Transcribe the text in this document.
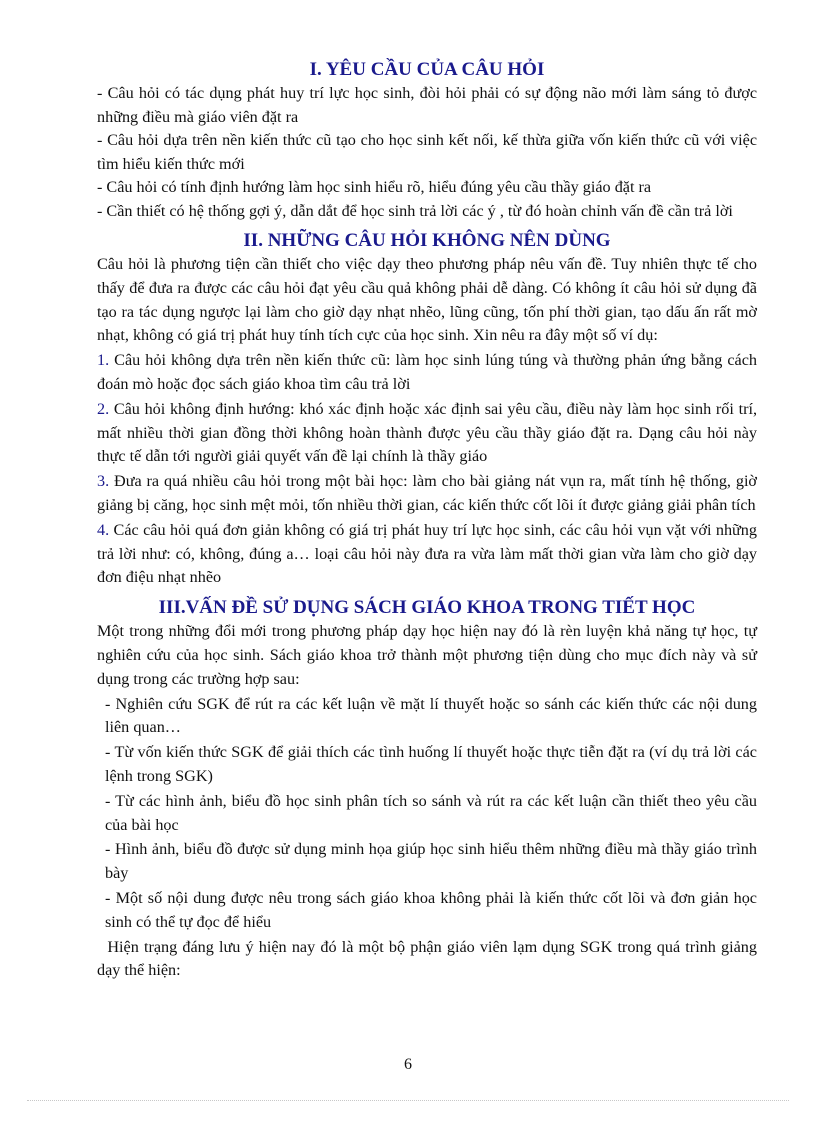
I. YÊU CẦU CỦA CÂU HỎI

- Câu hỏi có tác dụng phát huy trí lực học sinh, đòi hỏi phải có sự động não mới làm sáng tỏ được những điều mà giáo viên đặt ra

- Câu hỏi dựa trên nền kiến thức cũ tạo cho học sinh kết nối, kế thừa giữa vốn kiến thức cũ với việc tìm hiểu kiến thức mới

- Câu hỏi có tính định hướng làm học sinh hiểu rõ, hiểu đúng yêu cầu thầy giáo đặt ra

- Cần thiết có hệ thống gợi ý, dẫn dắt để học sinh trả lời các ý , từ đó hoàn chỉnh vấn đề cần trả lời

II. NHỮNG CÂU HỎI KHÔNG NÊN DÙNG

Câu hỏi là phương tiện cần thiết cho việc dạy theo phương pháp nêu vấn đề. Tuy nhiên thực tế cho thấy để đưa ra được các câu hỏi đạt yêu cầu quả không phải dễ dàng. Có không ít câu hỏi sử dụng đã tạo ra tác dụng ngược lại làm cho giờ dạy nhạt nhẽo, lũng cũng, tốn phí thời gian, tạo dấu ấn rất mờ nhạt, không có giá trị phát huy tính tích cực của học sinh. Xin nêu ra đây một số ví dụ:

1. Câu hỏi không dựa trên nền kiến thức cũ: làm học sinh lúng túng và thường phản ứng bằng cách đoán mò hoặc đọc sách giáo khoa tìm câu trả lời

2. Câu hỏi không định hướng: khó xác định hoặc xác định sai yêu cầu, điều này làm học sinh rối trí, mất nhiều thời gian đồng thời không hoàn thành được yêu cầu thầy giáo đặt ra. Dạng câu hỏi này thực tế dẫn tới người giải quyết vấn đề lại chính là thầy giáo

3. Đưa ra quá nhiều câu hỏi trong một bài học: làm cho bài giảng nát vụn ra, mất tính hệ thống, giờ giảng bị căng, học sinh mệt mỏi, tốn nhiều thời gian, các kiến thức cốt lõi ít được giảng giải phân tích

4. Các câu hỏi quá đơn giản không có giá trị phát huy trí lực học sinh, các câu hỏi vụn vặt với những trả lời như: có, không, đúng a… loại câu hỏi này đưa ra vừa làm mất thời gian vừa làm cho giờ dạy đơn điệu nhạt nhẽo

III.VẤN ĐỀ SỬ DỤNG SÁCH GIÁO KHOA TRONG TIẾT HỌC

Một trong những đổi mới trong phương pháp dạy học hiện nay đó là rèn luyện khả năng tự học, tự nghiên cứu của học sinh. Sách giáo khoa trở thành một phương tiện dùng cho mục đích này và sử dụng trong các trường hợp sau:

- Nghiên cứu SGK để rút ra các kết luận về mặt lí thuyết hoặc so sánh các kiến thức các nội dung liên quan…

- Từ vốn kiến thức SGK để giải thích các tình huống lí thuyết hoặc thực tiễn đặt ra (ví dụ trả lời các lệnh trong SGK)

- Từ các hình ảnh, biểu đồ học sinh phân tích so sánh và rút ra các kết luận cần thiết theo yêu cầu của bài học

- Hình ảnh, biểu đồ được sử dụng minh họa giúp học sinh hiểu thêm những điều mà thầy giáo trình bày

- Một số nội dung được nêu trong sách giáo khoa không phải là kiến thức cốt lõi và đơn giản học sinh có thể tự đọc để hiểu

Hiện trạng đáng lưu ý hiện nay đó là một bộ phận giáo viên lạm dụng SGK trong quá trình giảng dạy thể hiện:

6
